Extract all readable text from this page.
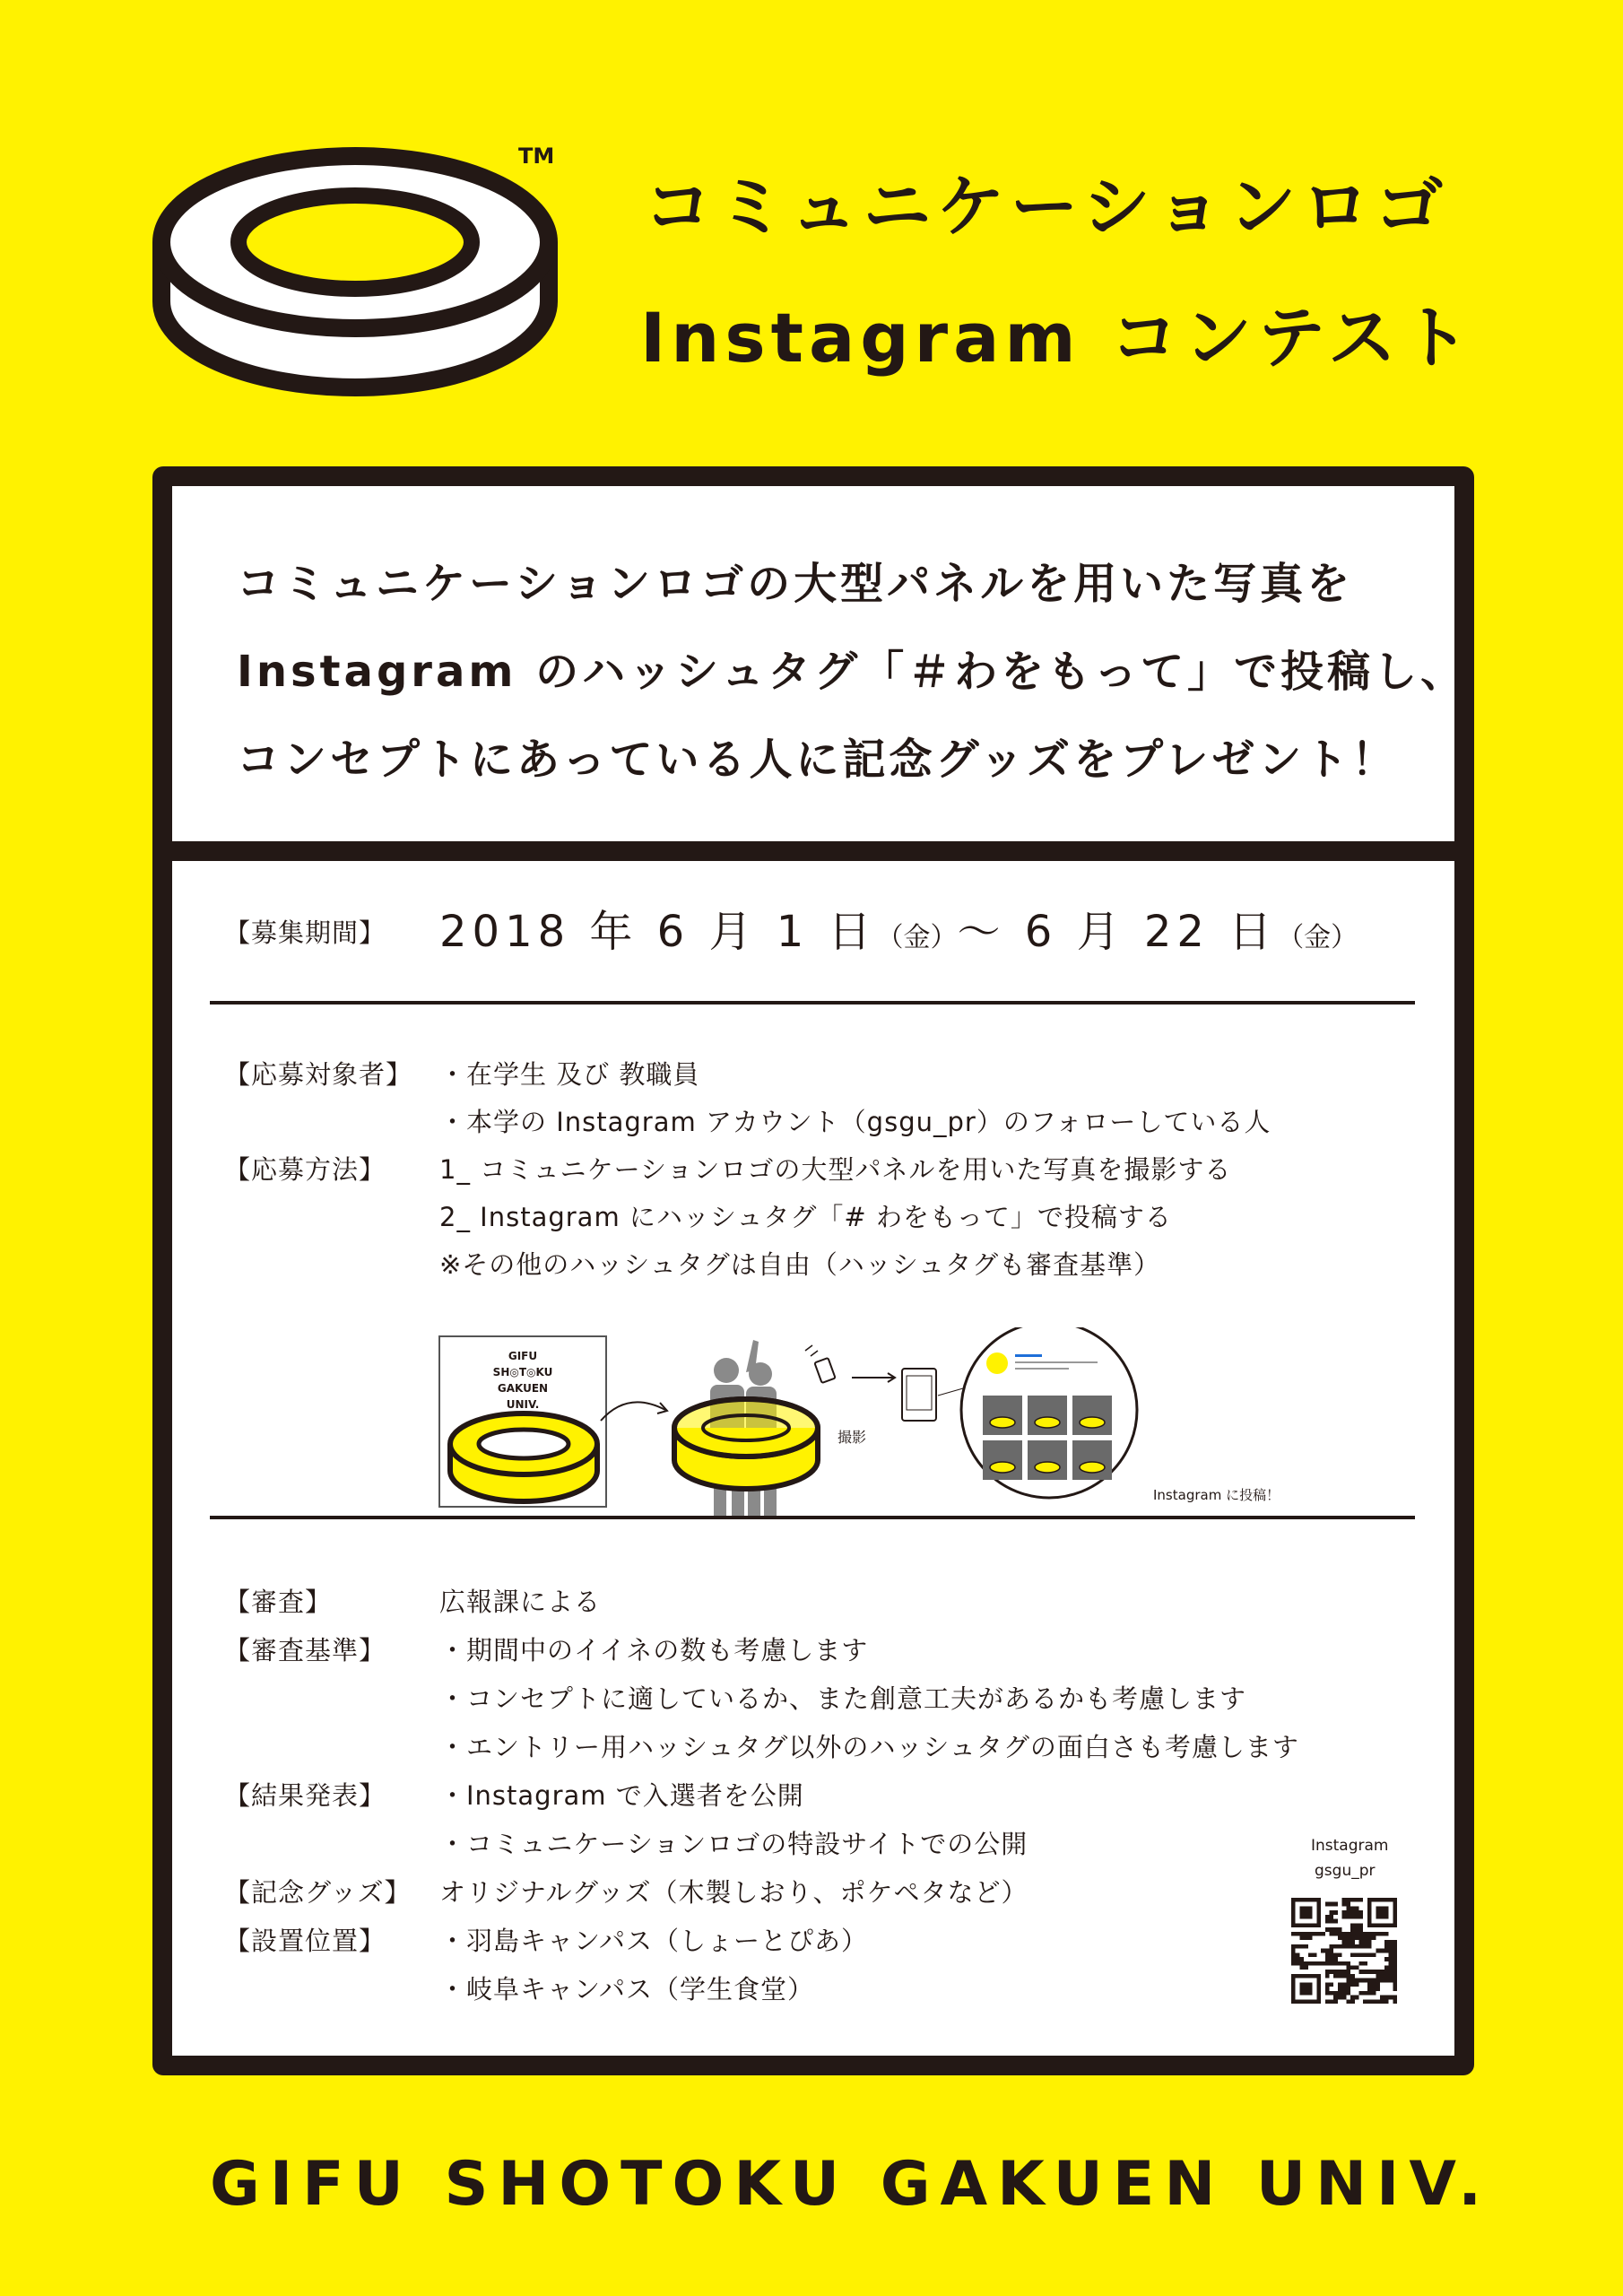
TM
コミュニケーションロゴ
Instagram コンテスト
コミュニケーションロゴの大型パネルを用いた写真を
Instagram のハッシュタグ「＃わをもって」で投稿し、
コンセプトにあっている人に記念グッズをプレゼント！
【募集期間】 2018 年 6 月 1 日（金）〜 6 月 22 日（金）
【応募対象者】 ・在学生 及び 教職員
・本学の Instagram アカウント（gsgu_pr）のフォローしている人
【応募方法】 1_ コミュニケーションロゴの大型パネルを用いた写真を撮影する
2_ Instagram にハッシュタグ「# わをもって」で投稿する
※その他のハッシュタグは自由（ハッシュタグも審査基準）
GIFU
SH◎T◎KU
GAKUEN
UNIV.
撮影
Instagram に投稿！
【審査】	広報課による
【審査基準】 ・期間中のイイネの数も考慮します
・コンセプトに適しているか、また創意工夫があるかも考慮します
・エントリー用ハッシュタグ以外のハッシュタグの面白さも考慮します
【結果発表】 ・Instagram で入選者を公開
・コミュニケーションロゴの特設サイトでの公開
【記念グッズ】 オリジナルグッズ（木製しおり、ポケペタなど）
【設置位置】 ・羽島キャンパス（しょーとぴあ）
・岐阜キャンパス（学生食堂）
Instagram
gsgu_pr
GIFU SHOTOKU GAKUEN UNIV.
